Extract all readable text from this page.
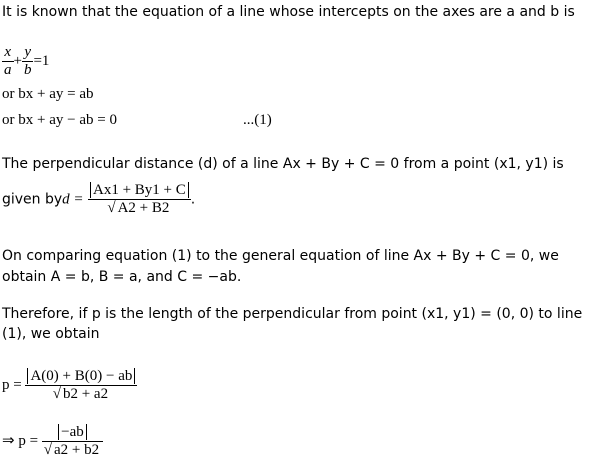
It is known that the equation of a line whose intercepts on the axes are a and b is
$\frac{x}{a} + \frac{y}{b} =1$
or bx + ay = ab
or bx + ay − ab = 0	...(1)
The perpendicular distance (d) of a line Ax + By + C = 0 from a point (x1, y1) is
given byd = $\frac{Ax1 + By1 + C}{√ A2 + B2}$ .
On comparing equation (1) to the general equation of line Ax + By + C = 0, we
obtain A = b, B = a, and C = −ab.
Therefore, if p is the length of the perpendicular from point (x1, y1) = (0, 0) to line
(1), we obtain
$p = \frac{A(0) + B(0) - ab}{√ b2 + a2}$
⇒ $p = \frac{-ab}{√ a2 + b2}$
